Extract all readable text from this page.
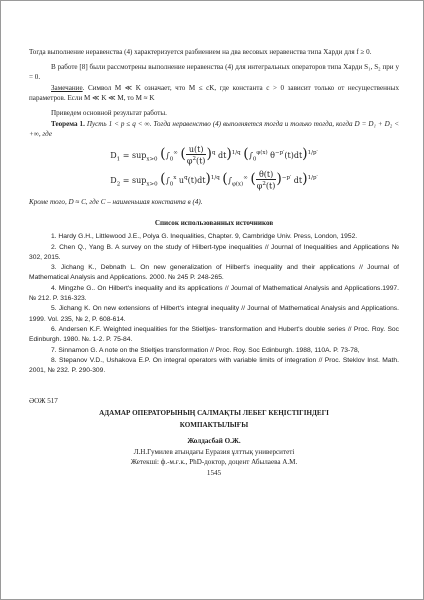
Тогда выполнение неравенства (4) характеризуется разбиением на два весовых неравенства типа Харди для f ≥ 0.

В работе [8] были рассмотрены выполнение неравенства (4) для интегральных операторов типа Харди S₁, S₂ при y = 0.

Замечание. Символ M ≪ K означает, что M ≤ cK, где константа c > 0 зависит только от несущественных параметров. Если M ≪ K ≪ M, то M ≈ K

Приведем основной результат работы.

Теорема 1. Пусть 1 < p ≤ q < ∞. Тогда неравенство (4) выполняется тогда и только тогда, когда D = D₁ + D₂ < +∞, где

$D_1 = sup_{x>0}$ ($\int_0^\infty$ ( $\frac{u(t)}{\varphi^2(t)} )^q$ dt)$^{1/q}$ ($\int_0^{\varphi(x)}$ $\theta^{-p'}(t)dt)^{1/p'}$
$D_2 = sup_{x>0}$ ($\int_0^x$ $u^q(t)dt)^{1/q}$ ($\int_{\varphi(x)}^\infty$ ( $\frac{\theta(t)}{\varphi^2(t)} )^{-p'}$ dt)$^{1/p'}$

Кроме того, D ≈ C, где C – наименьшая константа в (4).

Список использованных источников
1. Hardy G.H., Littlewood J.E., Polya G. Inequalities, Chapter. 9, Cambridge Univ. Press, London, 1952.
2. Chen Q., Yang B. A survey on the study of Hilbert-type inequalities // Journal of Inequalities and Applications № 302, 2015.
3. Jichang K., Debnath L. On new generalization of Hilbert's inequality and their applications // Journal of Mathematical Analysis and Applications. 2000. № 245 P. 248-265.
4. Mingzhe G.. On Hilbert's inequality and its applications // Journal of Mathematical Analysis and Applications.1997. № 212. P. 316-323.
5. Jichang K. On new extensions of Hilbert's integral inequality // Journal of Mathematical Analysis and Applications. 1999. Vol. 235, № 2, P. 608-614.
6. Andersen K.F. Weighted inequalities for the Stieltjes- transformation and Hubert's double series // Proc. Roy. Soc Edinburgh. 1980. №. 1-2. P. 75-84.
7. Sinnamon G. A note on the Stieltjes transformation // Proc. Roy. Soc Edinburgh. 1988, 110A. P. 73-78,
8. Stepanov V.D., Ushakova E.P. On integral operators with variable limits of integration // Proc. Steklov Inst. Math. 2001, № 232. P. 290-309.
ӘОЖ 517
АДАМАР ОПЕРАТОРЫНЫҢ САЛМАҚТЫ ЛЕБЕГ КЕҢІСТІГІНДЕГІ
КОМПАКТЫЛЫҒЫ
Жолдасбай О.Ж.
Л.Н.Гумилев атындағы Еуразия ұлттық университеті
Жетекші: ф.-м.ғ.к., PhD-доктор, доцент Абылаева А.М.
1545
